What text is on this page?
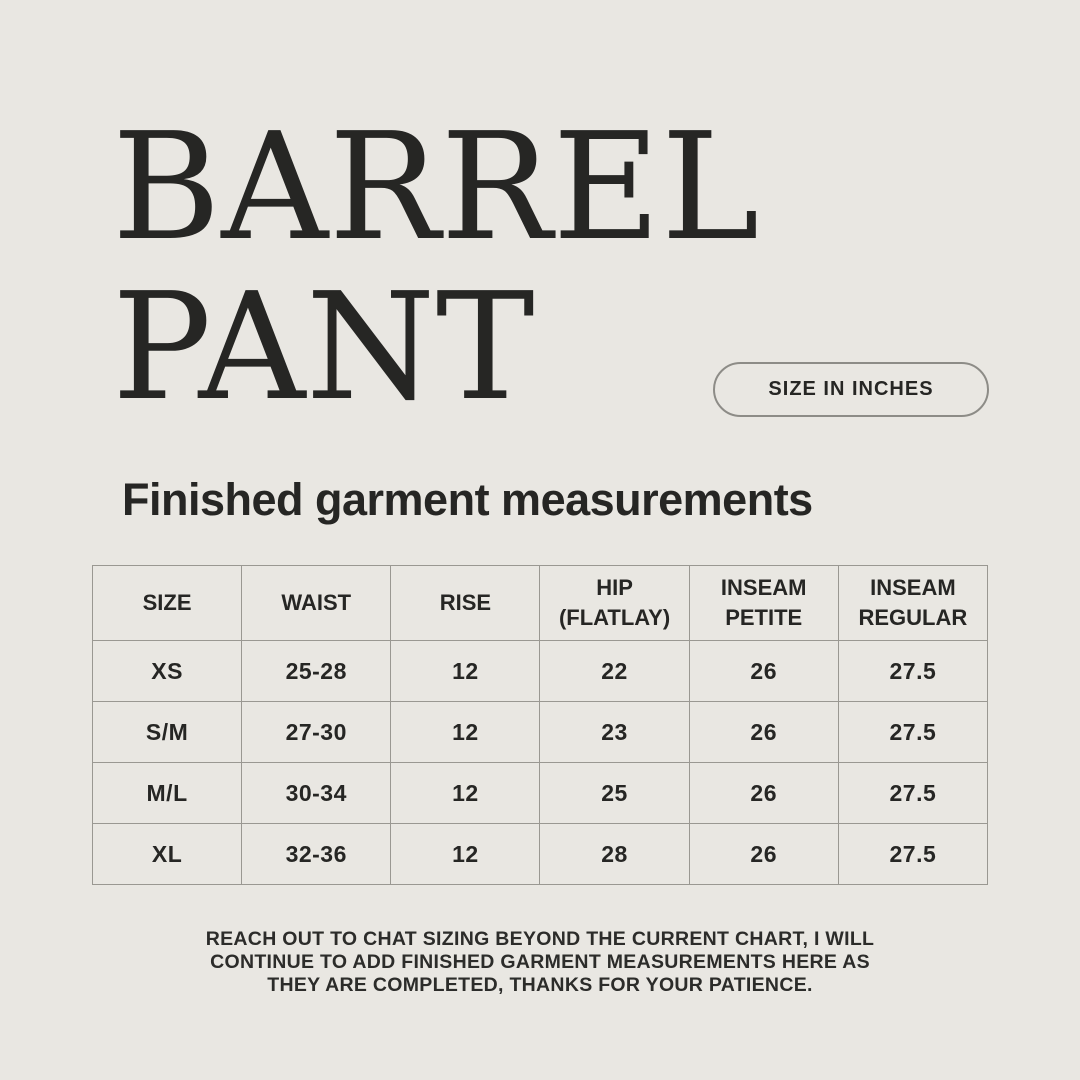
BARREL
PANT	SIZE IN INCHES
Finished garment measurements
SIZE	WAIST	RISE	HIP (FLATLAY)	INSEAM PETITE	INSEAM REGULAR
XS	25-28	12	22	26	27.5
S/M	27-30	12	23	26	27.5
M/L	30-34	12	25	26	27.5
XL	32-36	12	28	26	27.5
REACH OUT TO CHAT SIZING BEYOND THE CURRENT CHART, I WILL
CONTINUE TO ADD FINISHED GARMENT MEASUREMENTS HERE AS
THEY ARE COMPLETED, THANKS FOR YOUR PATIENCE.
